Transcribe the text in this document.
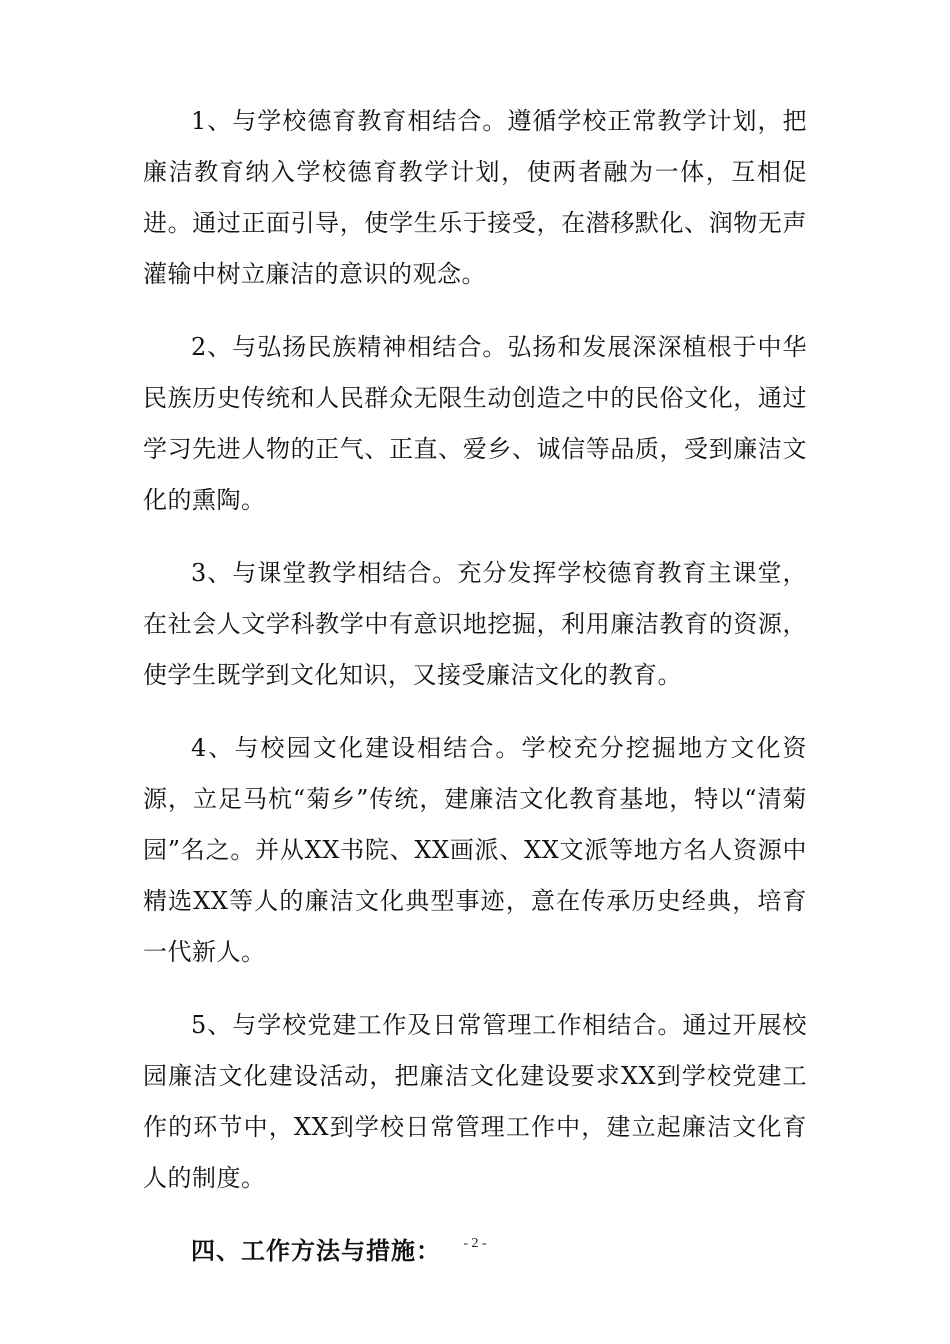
1、与学校德育教育相结合。遵循学校正常教学计划，把廉洁教育纳入学校德育教学计划，使两者融为一体，互相促进。通过正面引导，使学生乐于接受，在潜移默化、润物无声灌输中树立廉洁的意识的观念。

2、与弘扬民族精神相结合。弘扬和发展深深植根于中华民族历史传统和人民群众无限生动创造之中的民俗文化，通过学习先进人物的正气、正直、爱乡、诚信等品质，受到廉洁文化的熏陶。

3、与课堂教学相结合。充分发挥学校德育教育主课堂，在社会人文学科教学中有意识地挖掘，利用廉洁教育的资源，使学生既学到文化知识，又接受廉洁文化的教育。

4、与校园文化建设相结合。学校充分挖掘地方文化资源，立足马杭“菊乡”传统，建廉洁文化教育基地，特以“清菊园”名之。并从XX书院、XX画派、XX文派等地方名人资源中精选XX等人的廉洁文化典型事迹，意在传承历史经典，培育一代新人。

5、与学校党建工作及日常管理工作相结合。通过开展校园廉洁文化建设活动，把廉洁文化建设要求XX到学校党建工作的环节中，XX到学校日常管理工作中，建立起廉洁文化育人的制度。

四、工作方法与措施：	- 2 -
